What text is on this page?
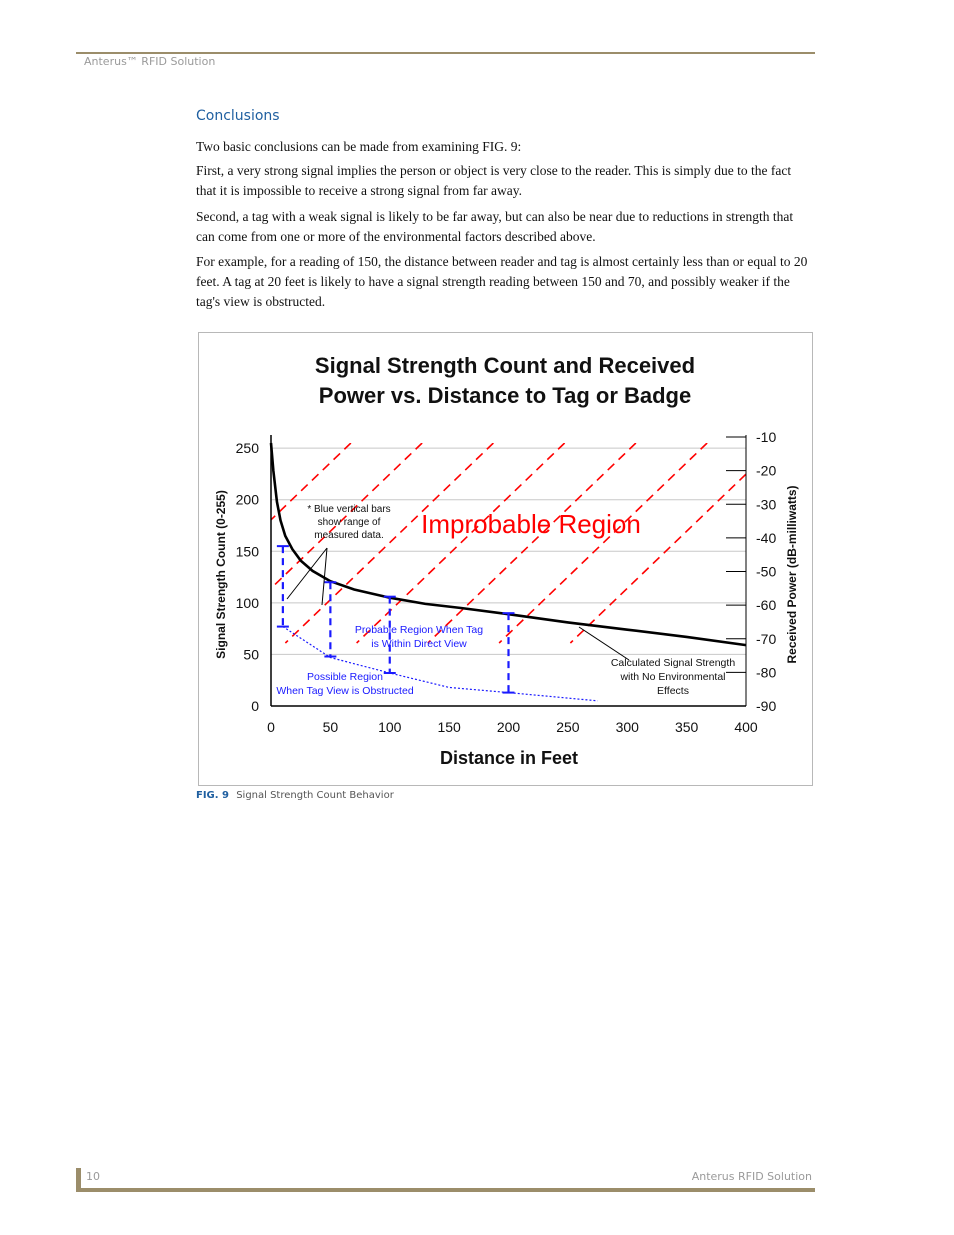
Anterus™ RFID Solution
Conclusions

Two basic conclusions can be made from examining FIG. 9:

First, a very strong signal implies the person or object is very close to the reader. This is simply due to the fact that it is impossible to receive a strong signal from far away.

Second, a tag with a weak signal is likely to be far away, but can also be near due to reductions in strength that can come from one or more of the environmental factors described above.

For example, for a reading of 150, the distance between reader and tag is almost certainly less than or equal to 20 feet. A tag at 20 feet is likely to have a signal strength reading between 150 and 70, and possibly weaker if the tag's view is obstructed.

Signal Strength Count and Received
Power vs. Distance to Tag or Badge
0	50	100	150	200	250	300	350	400
0
50
100
150
200
250
-10
-20
-30
-40
-50
-60
-70
-80
-90
Distance in Feet
Signal Strength Count (0-255)	Received Power (dB-milliwatts)
Improbable Region
* Blue vertical bars
show range of
measured data.
Probable Region When Tag
is Within Direct View
Possible Region
When Tag View is Obstructed
Calculated Signal Strength
with No Environmental
Effects
FIG. 9 Signal Strength Count Behavior
10	Anterus RFID Solution
